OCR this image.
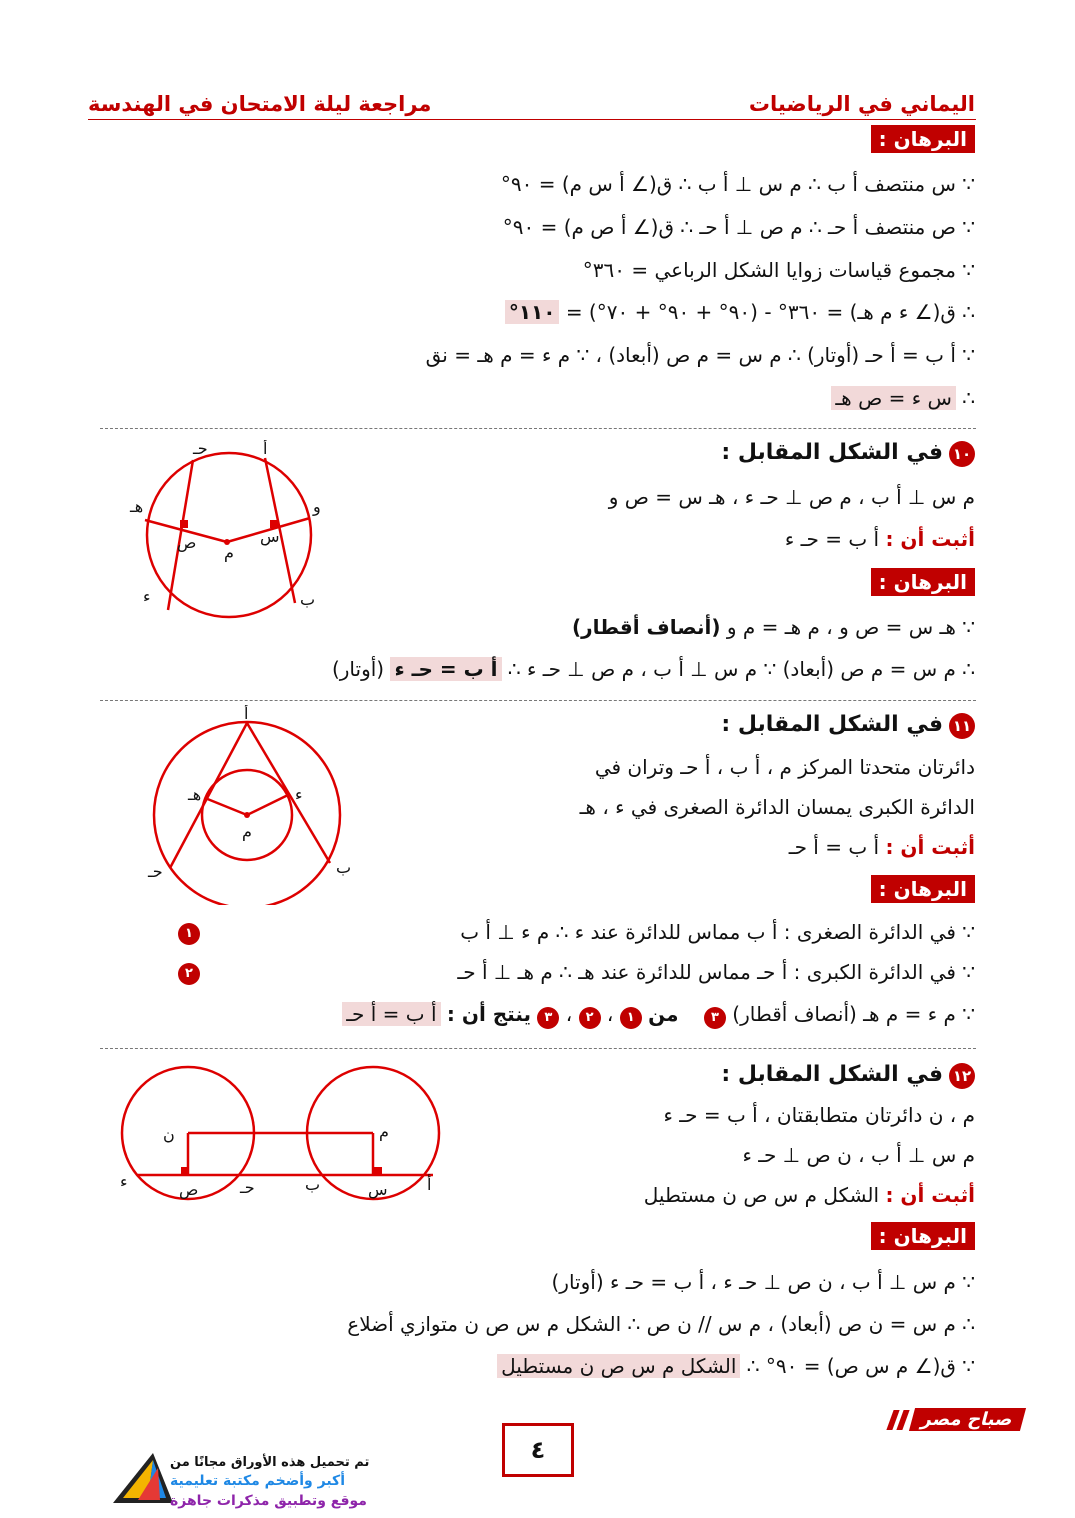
اليماني في الرياضيات
مراجعة ليلة الامتحان في الهندسة
البرهان :
∵ س منتصف أ ب ∴ م س ⊥ أ ب ∴ ق(∠ أ س م) = ٩٠°
∵ ص منتصف أ حـ ∴ م ص ⊥ أ حـ ∴ ق(∠ أ ص م) = ٩٠°
∵ مجموع قياسات زوايا الشكل الرباعي = ٣٦٠°
∴ ق(∠ ء م هـ) = ٣٦٠° - (٩٠° + ٩٠° + ٧٠°) = ١١٠°
∵ أ ب = أ حـ (أوتار) ∴ م س = م ص (أبعاد) ، ∵ م ء = م هـ = نق
∴ س ء = ص هـ
١٠في الشكل المقابل :
م س ⊥ أ ب ، م ص ⊥ حـ ء ، هـ س = ص و
أثبت أن : أ ب = حـ ء
البرهان :
∵ هـ س = ص و ، م هـ = م و (أنصاف أقطار)
∴ م س = م ص (أبعاد) ∵ م س ⊥ أ ب ، م ص ⊥ حـ ء ∴ أ ب = حـ ء (أوتار)
حـ	أ
و
هـ
س
ص
م
ء	ب
١١في الشكل المقابل :
دائرتان متحدتا المركز م ، أ ب ، أ حـ وتران في
الدائرة الكبرى يمسان الدائرة الصغرى في ء ، هـ
أثبت أن : أ ب = أ حـ
البرهان :
∵ في الدائرة الصغرى : أ ب مماس للدائرة عند ء ∴ م ء ⊥ أ ب
١
∵ في الدائرة الكبرى : أ حـ مماس للدائرة عند هـ ∴ م هـ ⊥ أ حـ
٢
∵ م ء = م هـ (أنصاف أقطار) ٣    من ١ ، ٢ ، ٣ ينتج أن : أ ب = أ حـ
أ
هـ	ء
م
حـ	ب
١٢في الشكل المقابل :
م ، ن دائرتان متطابقتان ، أ ب = حـ ء
م س ⊥ أ ب ، ن ص ⊥ حـ ء
أثبت أن : الشكل م س ص ن مستطيل
البرهان :
∵ م س ⊥ أ ب ، ن ص ⊥ حـ ء ، أ ب = حـ ء (أوتار)
∴ م س = ن ص (أبعاد) ، م س // ن ص ∴ الشكل م س ص ن متوازي أضلاع
∵ ق(∠ م س ص) = ٩٠° ∴ الشكل م س ص ن مستطيل
ن	م
ء	ص	حـ	ب	س أ
٤
صباح مصر
تم تحميل هذه الأوراق مجانًا من
أكبر وأضخم مكتبة تعليمية
موقع وتطبيق مذكرات جاهزة
